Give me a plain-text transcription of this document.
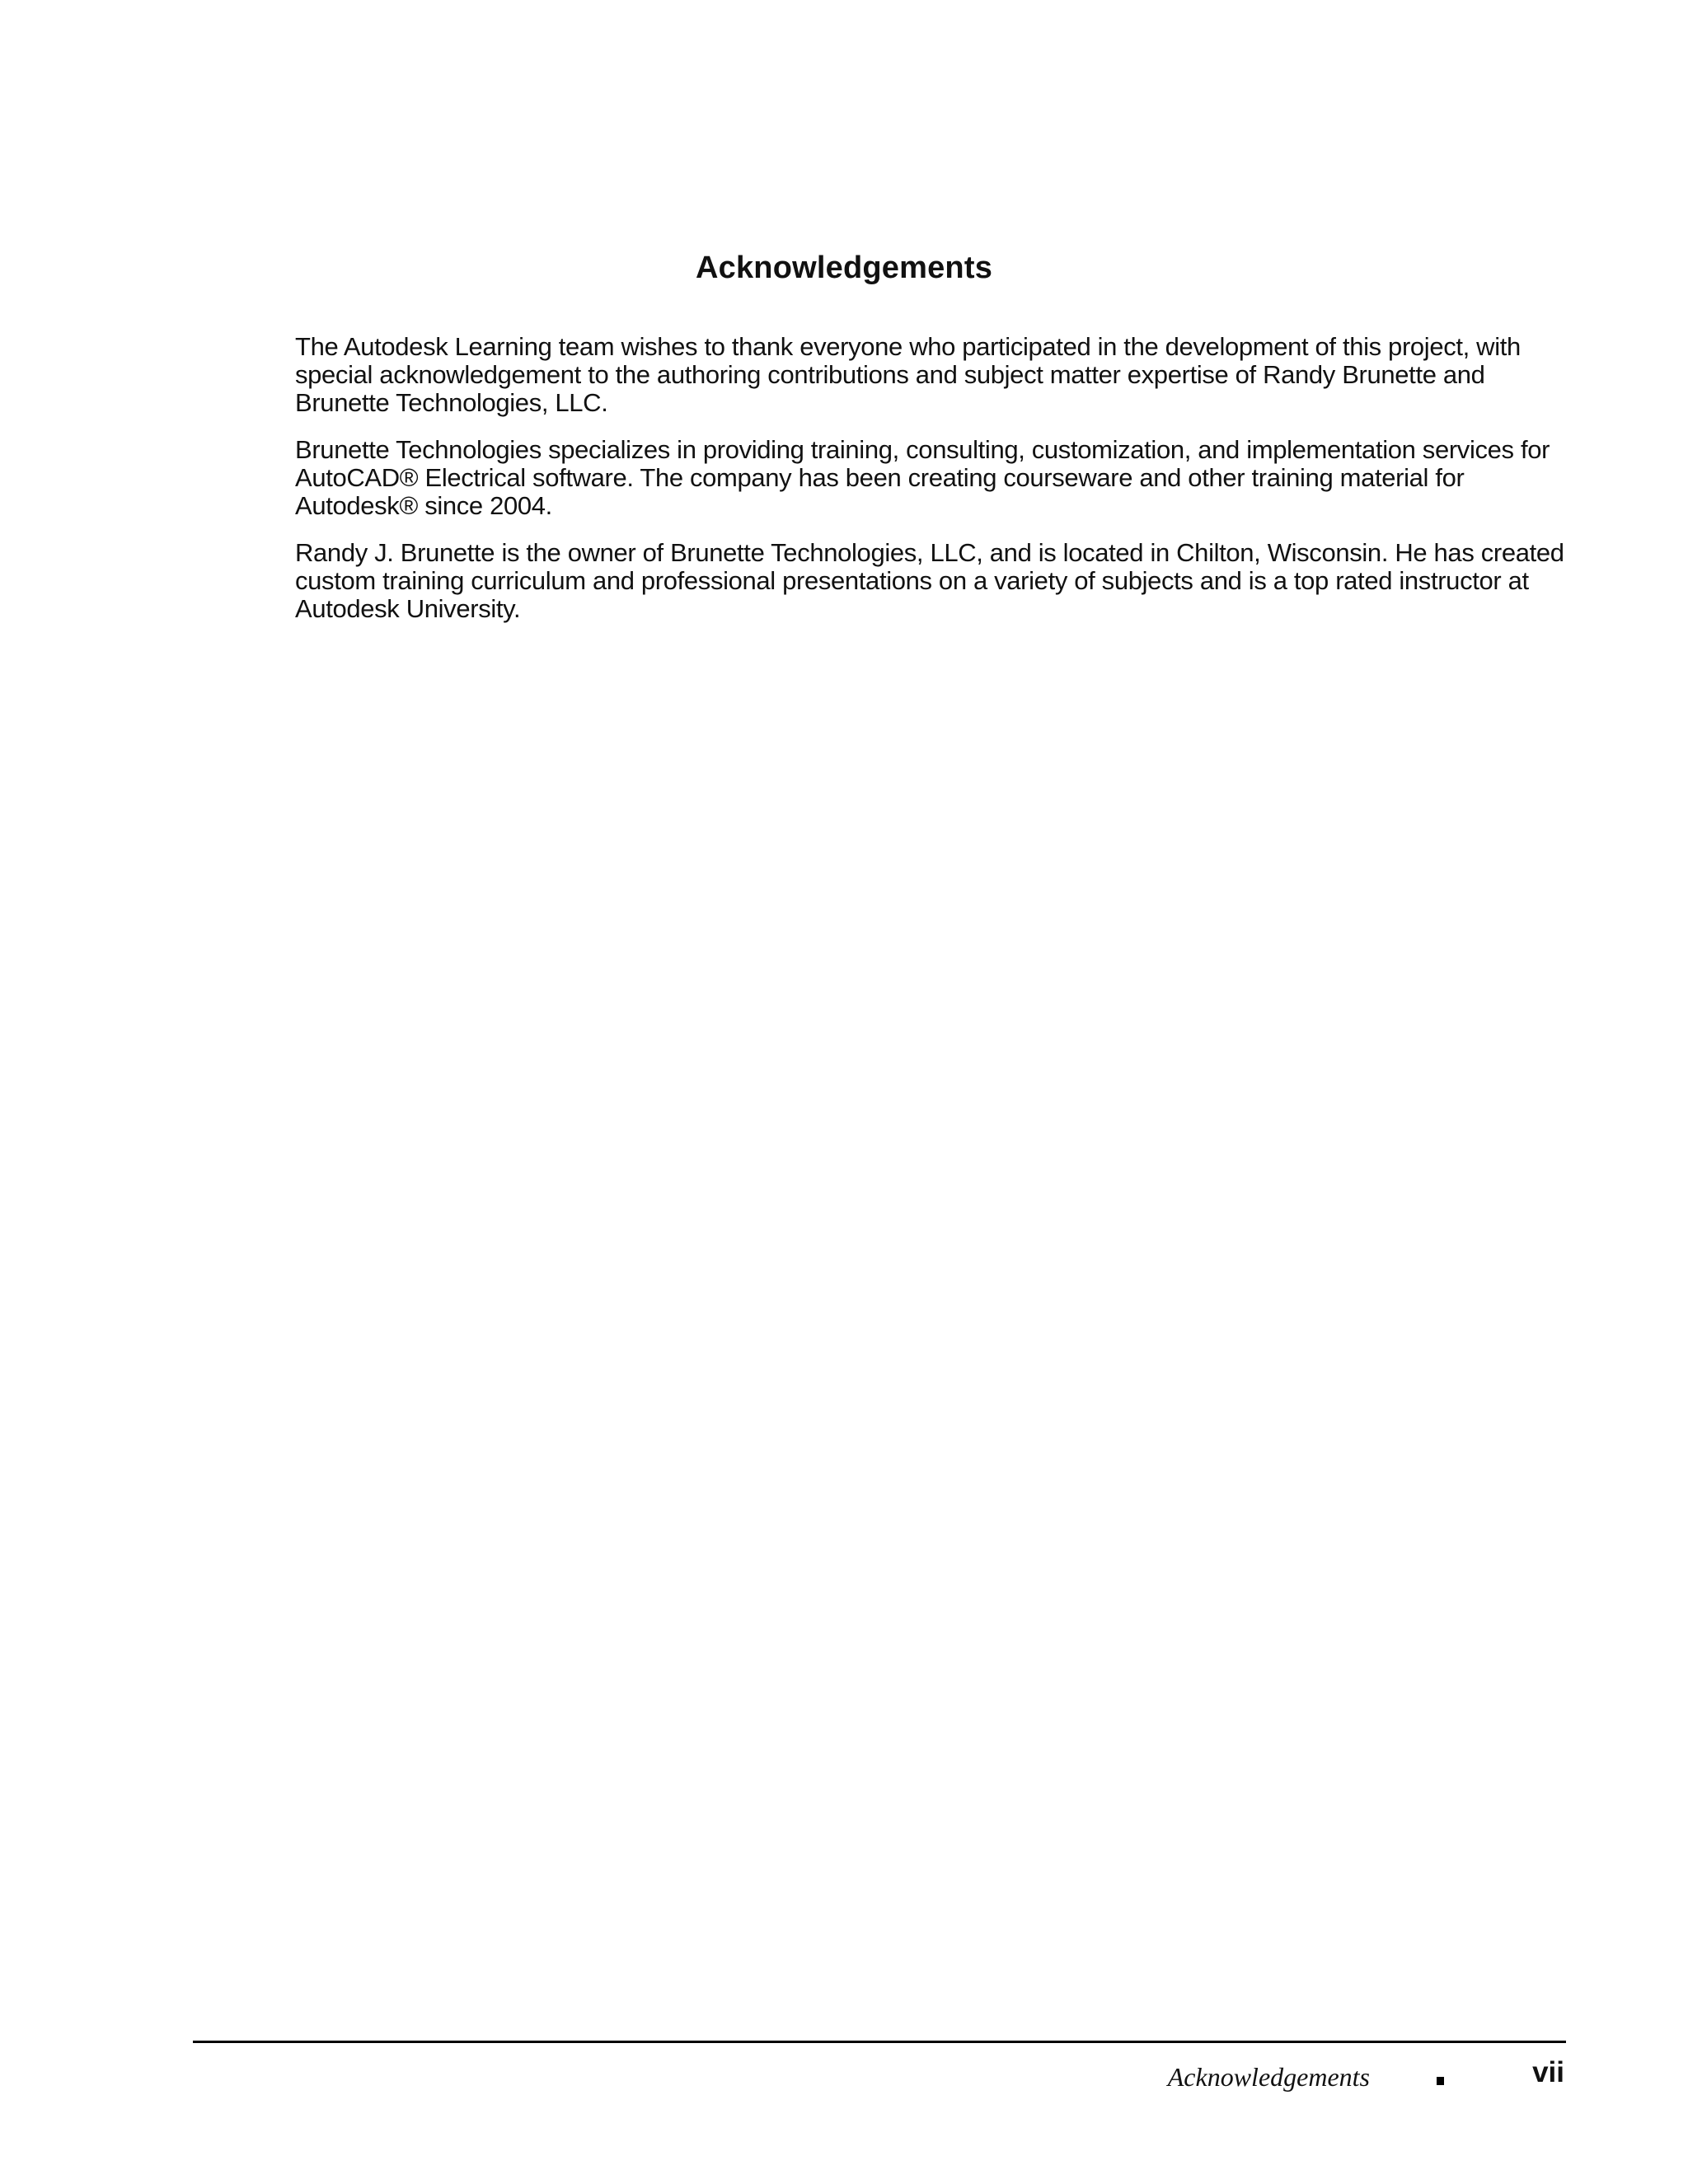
Acknowledgements

The Autodesk Learning team wishes to thank everyone who participated in the development of this project, with special acknowledgement to the authoring contributions and subject matter expertise of Randy Brunette and Brunette Technologies, LLC.

Brunette Technologies specializes in providing training, consulting, customization, and implementation services for AutoCAD® Electrical software. The company has been creating courseware and other training material for Autodesk® since 2004.

Randy J. Brunette is the owner of Brunette Technologies, LLC, and is located in Chilton, Wisconsin. He has created custom training curriculum and professional presentations on a variety of subjects and is a top rated instructor at Autodesk University.

Acknowledgements	vii
